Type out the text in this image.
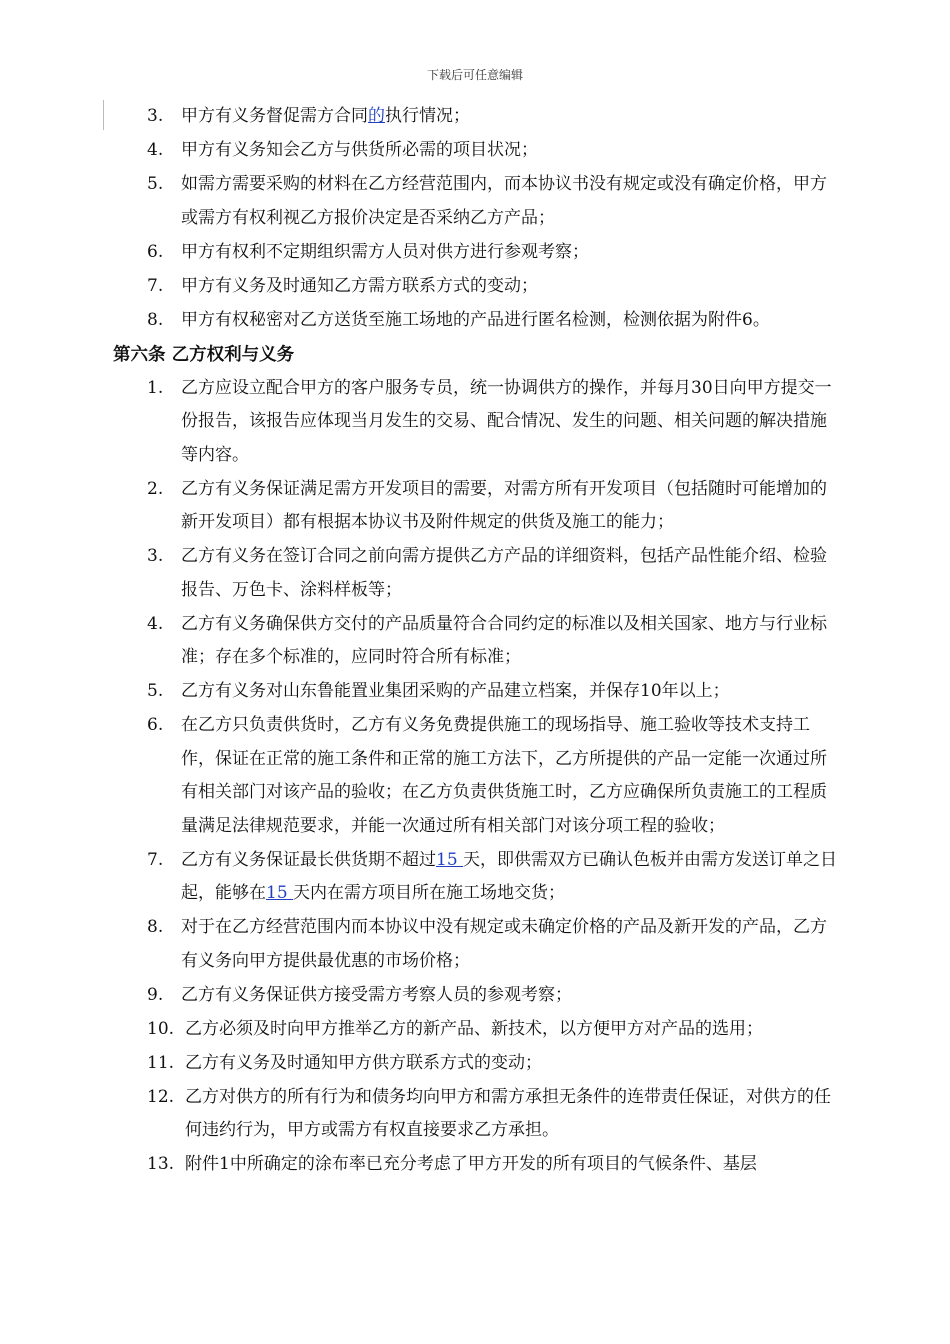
下载后可任意编辑
3. 甲方有义务督促需方合同的执行情况；
4. 甲方有义务知会乙方与供货所必需的项目状况；
5. 如需方需要采购的材料在乙方经营范围内，而本协议书没有规定或没有确定价格，甲方或需方有权利视乙方报价决定是否采纳乙方产品；
6. 甲方有权利不定期组织需方人员对供方进行参观考察；
7. 甲方有义务及时通知乙方需方联系方式的变动；
8. 甲方有权秘密对乙方送货至施工场地的产品进行匿名检测，检测依据为附件6。
第六条 乙方权利与义务
1. 乙方应设立配合甲方的客户服务专员，统一协调供方的操作，并每月30日向甲方提交一份报告，该报告应体现当月发生的交易、配合情况、发生的问题、相关问题的解决措施等内容。
2. 乙方有义务保证满足需方开发项目的需要，对需方所有开发项目（包括随时可能增加的新开发项目）都有根据本协议书及附件规定的供货及施工的能力；
3. 乙方有义务在签订合同之前向需方提供乙方产品的详细资料，包括产品性能介绍、检验报告、万色卡、涂料样板等；
4. 乙方有义务确保供方交付的产品质量符合合同约定的标准以及相关国家、地方与行业标准；存在多个标准的，应同时符合所有标准；
5. 乙方有义务对山东鲁能置业集团采购的产品建立档案，并保存10年以上；
6. 在乙方只负责供货时，乙方有义务免费提供施工的现场指导、施工验收等技术支持工作，保证在正常的施工条件和正常的施工方法下，乙方所提供的产品一定能一次通过所有相关部门对该产品的验收；在乙方负责供货施工时，乙方应确保所负责施工的工程质量满足法律规范要求，并能一次通过所有相关部门对该分项工程的验收；
7. 乙方有义务保证最长供货期不超过15 天，即供需双方已确认色板并由需方发送订单之日起，能够在15 天内在需方项目所在施工场地交货；
8. 对于在乙方经营范围内而本协议中没有规定或未确定价格的产品及新开发的产品，乙方有义务向甲方提供最优惠的市场价格；
9. 乙方有义务保证供方接受需方考察人员的参观考察；
10. 乙方必须及时向甲方推举乙方的新产品、新技术，以方便甲方对产品的选用；
11. 乙方有义务及时通知甲方供方联系方式的变动；
12. 乙方对供方的所有行为和债务均向甲方和需方承担无条件的连带责任保证，对供方的任何违约行为，甲方或需方有权直接要求乙方承担。
13. 附件1中所确定的涂布率已充分考虑了甲方开发的所有项目的气候条件、基层
